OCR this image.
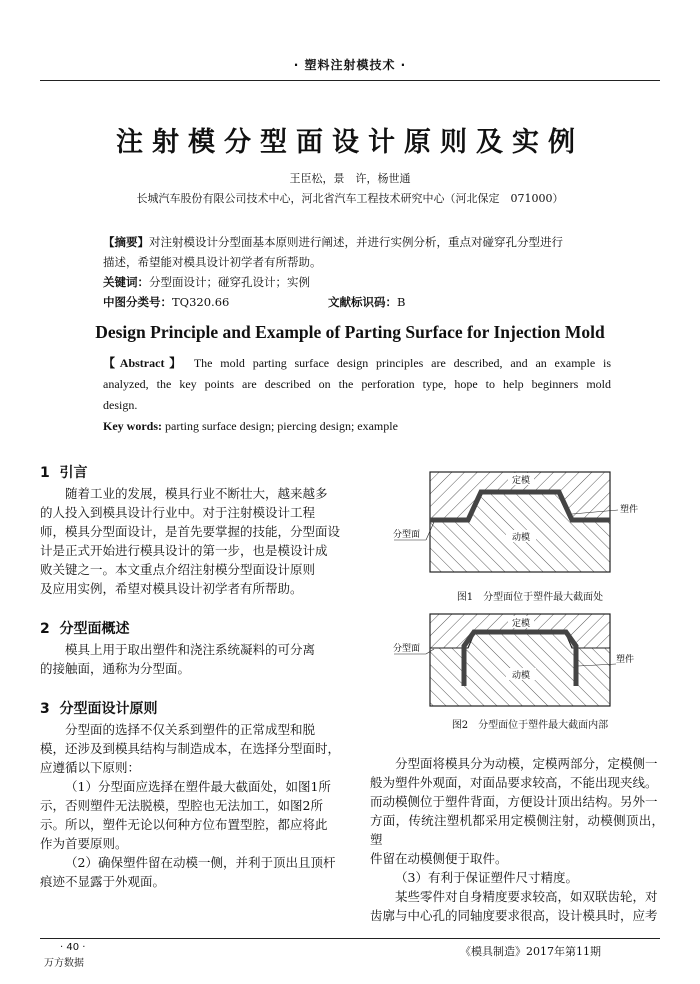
· 塑料注射模技术 ·
注射模分型面设计原则及实例
王臣松，景　许，杨世通
长城汽车股份有限公司技术中心，河北省汽车工程技术研究中心（河北保定　071000）
【摘要】对注射模设计分型面基本原则进行阐述，并进行实例分析，重点对碰穿孔分型进行
描述，希望能对模具设计初学者有所帮助。
关键词：分型面设计；碰穿孔设计；实例
中图分类号：TQ320.66	文献标识码：B
Design Principle and Example of Parting Surface for Injection Mold
【Abstract】 The mold parting surface design principles are described, and an example is
analyzed, the key points are described on the perforation type, hope to help beginners mold
design.
Key words: parting surface design; piercing design; example
1 引言
随着工业的发展，模具行业不断壮大，越来越多
的人投入到模具设计行业中。对于注射模设计工程
师，模具分型面设计，是首先要掌握的技能，分型面设
计是正式开始进行模具设计的第一步，也是模设计成
败关键之一。本文重点介绍注射模分型面设计原则
及应用实例，希望对模具设计初学者有所帮助。
2 分型面概述
模具上用于取出塑件和浇注系统凝料的可分离
的接触面，通称为分型面。
3 分型面设计原则
分型面的选择不仅关系到塑件的正常成型和脱
模，还涉及到模具结构与制造成本，在选择分型面时，
应遵循以下原则：
（1）分型面应选择在塑件最大截面处，如图1所
示，否则塑件无法脱模，型腔也无法加工，如图2所
示。所以，塑件无论以何种方位布置型腔，都应将此
作为首要原则。
（2）确保塑件留在动模一侧，并利于顶出且顶杆
痕迹不显露于外观面。
定模
动模
塑件
分型面
图1　分型面位于塑件最大截面处
定模
动模
塑件
分型面
图2　分型面位于塑件最大截面内部
分型面将模具分为动模，定模两部分，定模侧一
般为塑件外观面，对面品要求较高，不能出现夹线。
而动模侧位于塑件背面，方便设计顶出结构。另外一
方面，传统注塑机都采用定模侧注射，动模侧顶出，塑
件留在动模侧便于取件。
（3）有利于保证塑件尺寸精度。
某些零件对自身精度要求较高，如双联齿轮，对
齿廓与中心孔的同轴度要求很高，设计模具时，应考
· 40 ·
万方数据
《模具制造》2017年第11期
